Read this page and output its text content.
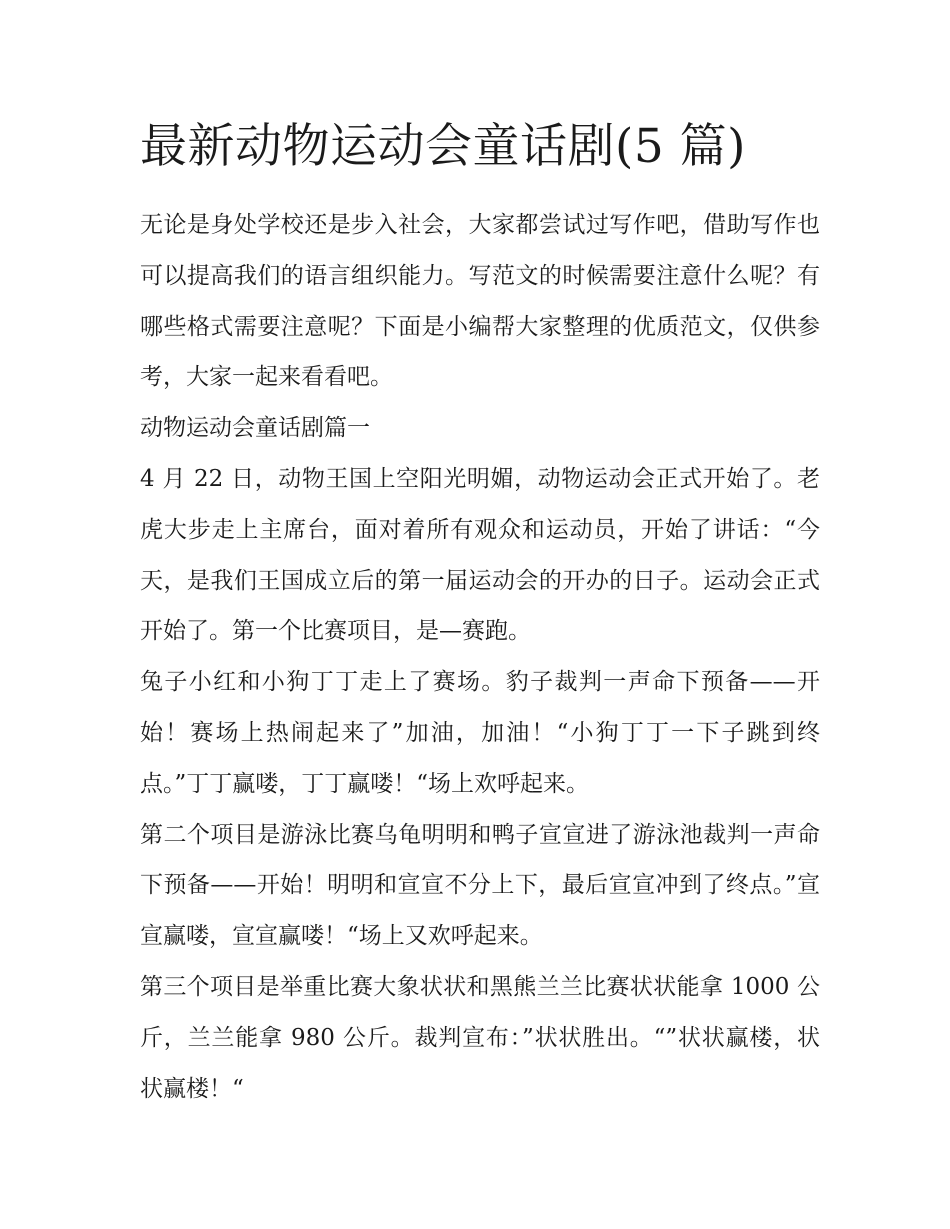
最新动物运动会童话剧(5 篇)

无论是身处学校还是步入社会，大家都尝试过写作吧，借助写作也可以提高我们的语言组织能力。写范文的时候需要注意什么呢？有哪些格式需要注意呢？下面是小编帮大家整理的优质范文，仅供参考，大家一起来看看吧。

动物运动会童话剧篇一

4 月 22 日，动物王国上空阳光明媚，动物运动会正式开始了。老虎大步走上主席台，面对着所有观众和运动员，开始了讲话：“今天，是我们王国成立后的第一届运动会的开办的日子。运动会正式开始了。第一个比赛项目，是—赛跑。

兔子小红和小狗丁丁走上了赛场。豹子裁判一声命下预备——开始！赛场上热闹起来了”加油，加油！“小狗丁丁一下子跳到终点。”丁丁赢喽，丁丁赢喽！“场上欢呼起来。

第二个项目是游泳比赛乌龟明明和鸭子宣宣进了游泳池裁判一声命下预备——开始！明明和宣宣不分上下，最后宣宣冲到了终点。”宣宣赢喽，宣宣赢喽！“场上又欢呼起来。

第三个项目是举重比赛大象状状和黑熊兰兰比赛状状能拿 1000 公斤，兰兰能拿 980 公斤。裁判宣布：”状状胜出。“”状状赢楼，状状赢楼！“
